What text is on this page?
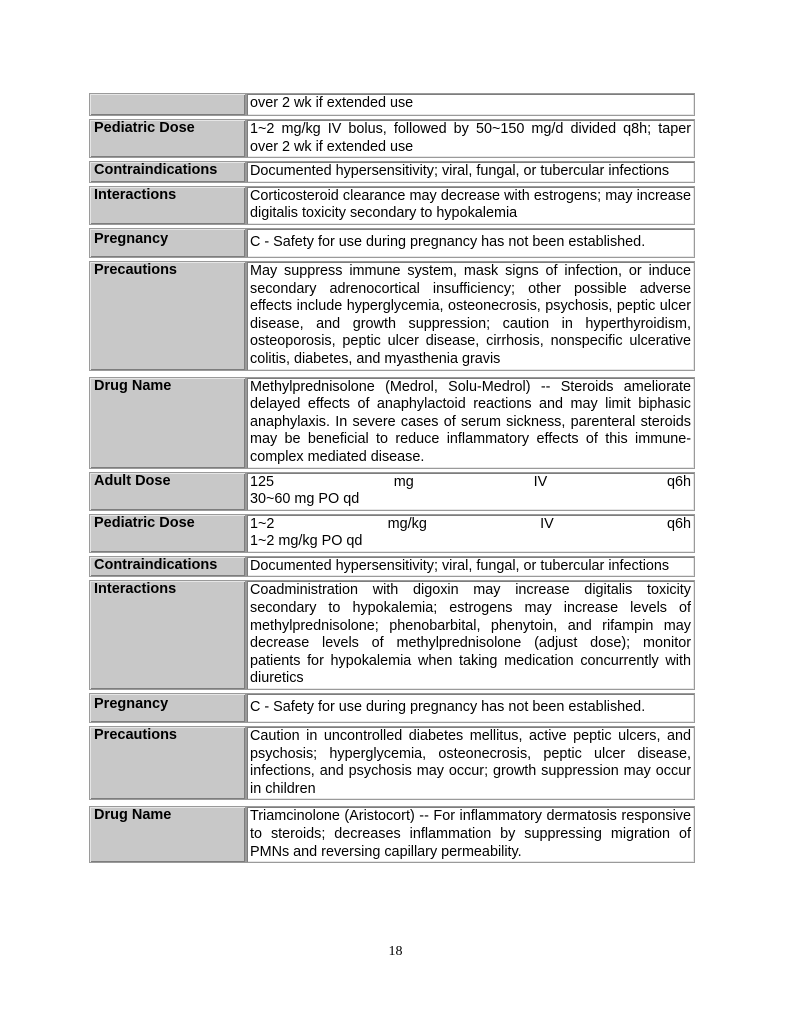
	over 2 wk if extended use

Pediatric Dose	1~2 mg/kg IV bolus, followed by 50~150 mg/d divided q8h; taper over 2 wk if extended use

Contraindications	Documented hypersensitivity; viral, fungal, or tubercular infections

Interactions	Corticosteroid clearance may decrease with estrogens; may increase digitalis toxicity secondary to hypokalemia

Pregnancy	C - Safety for use during pregnancy has not been established.

Precautions	May suppress immune system, mask signs of infection, or induce secondary adrenocortical insufficiency; other possible adverse effects include hyperglycemia, osteonecrosis, psychosis, peptic ulcer disease, and growth suppression; caution in hyperthyroidism, osteoporosis, peptic ulcer disease, cirrhosis, nonspecific ulcerative colitis, diabetes, and myasthenia gravis

Drug Name	Methylprednisolone (Medrol, Solu-Medrol) -- Steroids ameliorate delayed effects of anaphylactoid reactions and may limit biphasic anaphylaxis. In severe cases of serum sickness, parenteral steroids may be beneficial to reduce inflammatory effects of this immune-complex mediated disease.

Adult Dose	125 mg IV q6h
30~60 mg PO qd

Pediatric Dose	1~2 mg/kg IV q6h
1~2 mg/kg PO qd

Contraindications	Documented hypersensitivity; viral, fungal, or tubercular infections

Interactions	Coadministration with digoxin may increase digitalis toxicity secondary to hypokalemia; estrogens may increase levels of methylprednisolone; phenobarbital, phenytoin, and rifampin may decrease levels of methylprednisolone (adjust dose); monitor patients for hypokalemia when taking medication concurrently with diuretics

Pregnancy	C - Safety for use during pregnancy has not been established.

Precautions	Caution in uncontrolled diabetes mellitus, active peptic ulcers, and psychosis; hyperglycemia, osteonecrosis, peptic ulcer disease, infections, and psychosis may occur; growth suppression may occur in children

Drug Name	Triamcinolone (Aristocort) -- For inflammatory dermatosis responsive to steroids; decreases inflammation by suppressing migration of PMNs and reversing capillary permeability.
18
